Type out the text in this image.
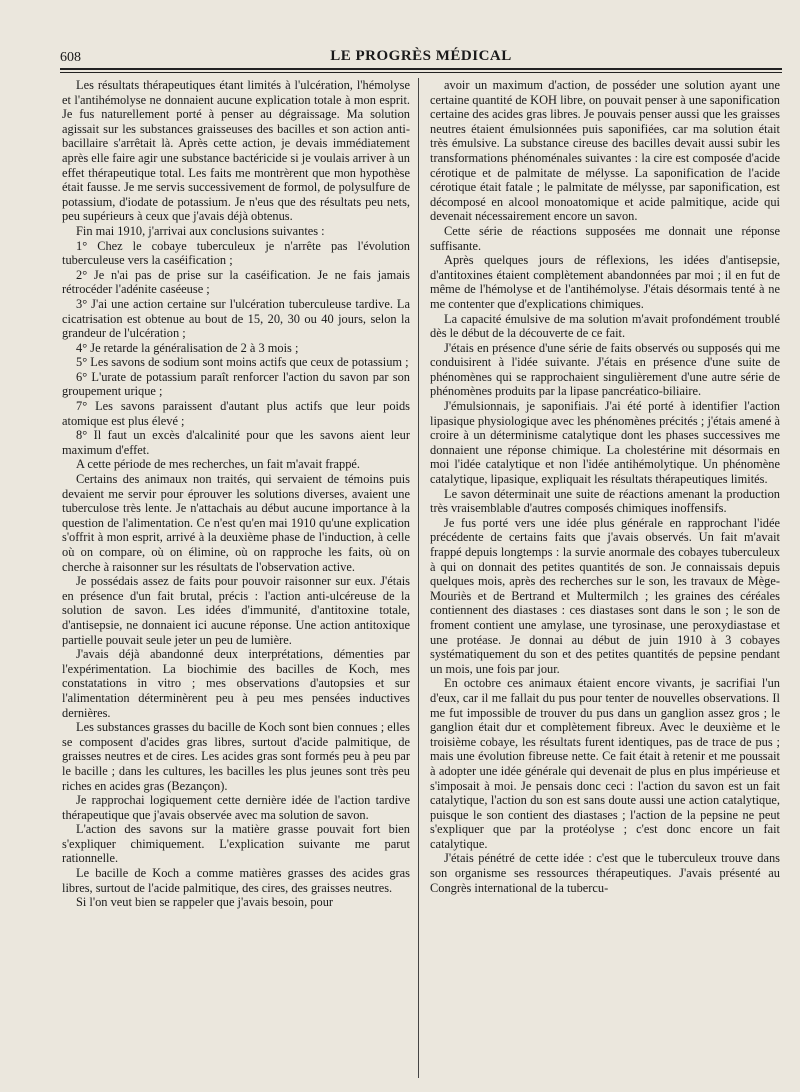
608	LE PROGRÈS MÉDICAL

Les résultats thérapeutiques étant limités à l'ulcération, l'hémolyse et l'antihémolyse ne donnaient aucune explication totale à mon esprit. Je fus naturellement porté à penser au dégraissage. Ma solution agissait sur les substances graisseuses des bacilles et son action anti-bacillaire s'arrêtait là. Après cette action, je devais immédiatement après elle faire agir une substance bactéricide si je voulais arriver à un effet thérapeutique total. Les faits me montrèrent que mon hypothèse était fausse. Je me servis successivement de formol, de polysulfure de potassium, d'iodate de potassium. Je n'eus que des résultats peu nets, peu supérieurs à ceux que j'avais déjà obtenus.

Fin mai 1910, j'arrivai aux conclusions suivantes :

1° Chez le cobaye tuberculeux je n'arrête pas l'évolution tuberculeuse vers la caséification ;

2° Je n'ai pas de prise sur la caséification. Je ne fais jamais rétrocéder l'adénite caséeuse ;

3° J'ai une action certaine sur l'ulcération tuberculeuse tardive. La cicatrisation est obtenue au bout de 15, 20, 30 ou 40 jours, selon la grandeur de l'ulcération ;

4° Je retarde la généralisation de 2 à 3 mois ;

5° Les savons de sodium sont moins actifs que ceux de potassium ;

6° L'urate de potassium paraît renforcer l'action du savon par son groupement urique ;

7° Les savons paraissent d'autant plus actifs que leur poids atomique est plus élevé ;

8° Il faut un excès d'alcalinité pour que les savons aient leur maximum d'effet.

A cette période de mes recherches, un fait m'avait frappé.

Certains des animaux non traités, qui servaient de témoins puis devaient me servir pour éprouver les solutions diverses, avaient une tuberculose très lente. Je n'attachais au début aucune importance à la question de l'alimentation. Ce n'est qu'en mai 1910 qu'une explication s'offrit à mon esprit, arrivé à la deuxième phase de l'induction, à celle où on compare, où on élimine, où on rapproche les faits, où on cherche à raisonner sur les résultats de l'observation active.

Je possédais assez de faits pour pouvoir raisonner sur eux. J'étais en présence d'un fait brutal, précis : l'action anti-ulcéreuse de la solution de savon. Les idées d'immunité, d'antitoxine totale, d'antisepsie, ne donnaient ici aucune réponse. Une action antitoxique partielle pouvait seule jeter un peu de lumière.

J'avais déjà abandonné deux interprétations, démenties par l'expérimentation. La biochimie des bacilles de Koch, mes constatations in vitro ; mes observations d'autopsies et sur l'alimentation déterminèrent peu à peu mes pensées inductives dernières.

Les substances grasses du bacille de Koch sont bien connues ; elles se composent d'acides gras libres, surtout d'acide palmitique, de graisses neutres et de cires. Les acides gras sont formés peu à peu par le bacille ; dans les cultures, les bacilles les plus jeunes sont très peu riches en acides gras (Bezançon).

Je rapprochai logiquement cette dernière idée de l'action tardive thérapeutique que j'avais observée avec ma solution de savon.

L'action des savons sur la matière grasse pouvait fort bien s'expliquer chimiquement. L'explication suivante me parut rationnelle.

Le bacille de Koch a comme matières grasses des acides gras libres, surtout de l'acide palmitique, des cires, des graisses neutres.

Si l'on veut bien se rappeler que j'avais besoin, pour

avoir un maximum d'action, de posséder une solution ayant une certaine quantité de KOH libre, on pouvait penser à une saponification certaine des acides gras libres. Je pouvais penser aussi que les graisses neutres étaient émulsionnées puis saponifiées, car ma solution était très émulsive. La substance cireuse des bacilles devait aussi subir les transformations phénoménales suivantes : la cire est composée d'acide cérotique et de palmitate de mélysse. La saponification de l'acide cérotique était fatale ; le palmitate de mélysse, par saponification, est décomposé en alcool monoatomique et acide palmitique, acide qui devenait nécessairement encore un savon.

Cette série de réactions supposées me donnait une réponse suffisante.

Après quelques jours de réflexions, les idées d'antisepsie, d'antitoxines étaient complètement abandonnées par moi ; il en fut de même de l'hémolyse et de l'antihémolyse. J'étais désormais tenté à ne me contenter que d'explications chimiques.

La capacité émulsive de ma solution m'avait profondément troublé dès le début de la découverte de ce fait.

J'étais en présence d'une série de faits observés ou supposés qui me conduisirent à l'idée suivante. J'étais en présence d'une suite de phénomènes qui se rapprochaient singulièrement d'une autre série de phénomènes produits par la lipase pancréatico-biliaire.

J'émulsionnais, je saponifiais. J'ai été porté à identifier l'action lipasique physiologique avec les phénomènes précités ; j'étais amené à croire à un déterminisme catalytique dont les phases successives me donnaient une réponse chimique. La cholestérine mit désormais en moi l'idée catalytique et non l'idée antihémolytique. Un phénomène catalytique, lipasique, expliquait les résultats thérapeutiques limités.

Le savon déterminait une suite de réactions amenant la production très vraisemblable d'autres composés chimiques inoffensifs.

Je fus porté vers une idée plus générale en rapprochant l'idée précédente de certains faits que j'avais observés. Un fait m'avait frappé depuis longtemps : la survie anormale des cobayes tuberculeux à qui on donnait des petites quantités de son. Je connaissais depuis quelques mois, après des recherches sur le son, les travaux de Mège-Mouriès et de Bertrand et Multermilch ; les graines des céréales contiennent des diastases : ces diastases sont dans le son ; le son de froment contient une amylase, une tyrosinase, une peroxydiastase et une protéase. Je donnai au début de juin 1910 à 3 cobayes systématiquement du son et des petites quantités de pepsine pendant un mois, une fois par jour.

En octobre ces animaux étaient encore vivants, je sacrifiai l'un d'eux, car il me fallait du pus pour tenter de nouvelles observations. Il me fut impossible de trouver du pus dans un ganglion assez gros ; le ganglion était dur et complètement fibreux. Avec le deuxième et le troisième cobaye, les résultats furent identiques, pas de trace de pus ; mais une évolution fibreuse nette. Ce fait était à retenir et me poussait à adopter une idée générale qui devenait de plus en plus impérieuse et s'imposait à moi. Je pensais donc ceci : l'action du savon est un fait catalytique, l'action du son est sans doute aussi une action catalytique, puisque le son contient des diastases ; l'action de la pepsine ne peut s'expliquer que par la protéolyse ; c'est donc encore un fait catalytique.

J'étais pénétré de cette idée : c'est que le tuberculeux trouve dans son organisme ses ressources thérapeutiques. J'avais présenté au Congrès international de la tubercu-
